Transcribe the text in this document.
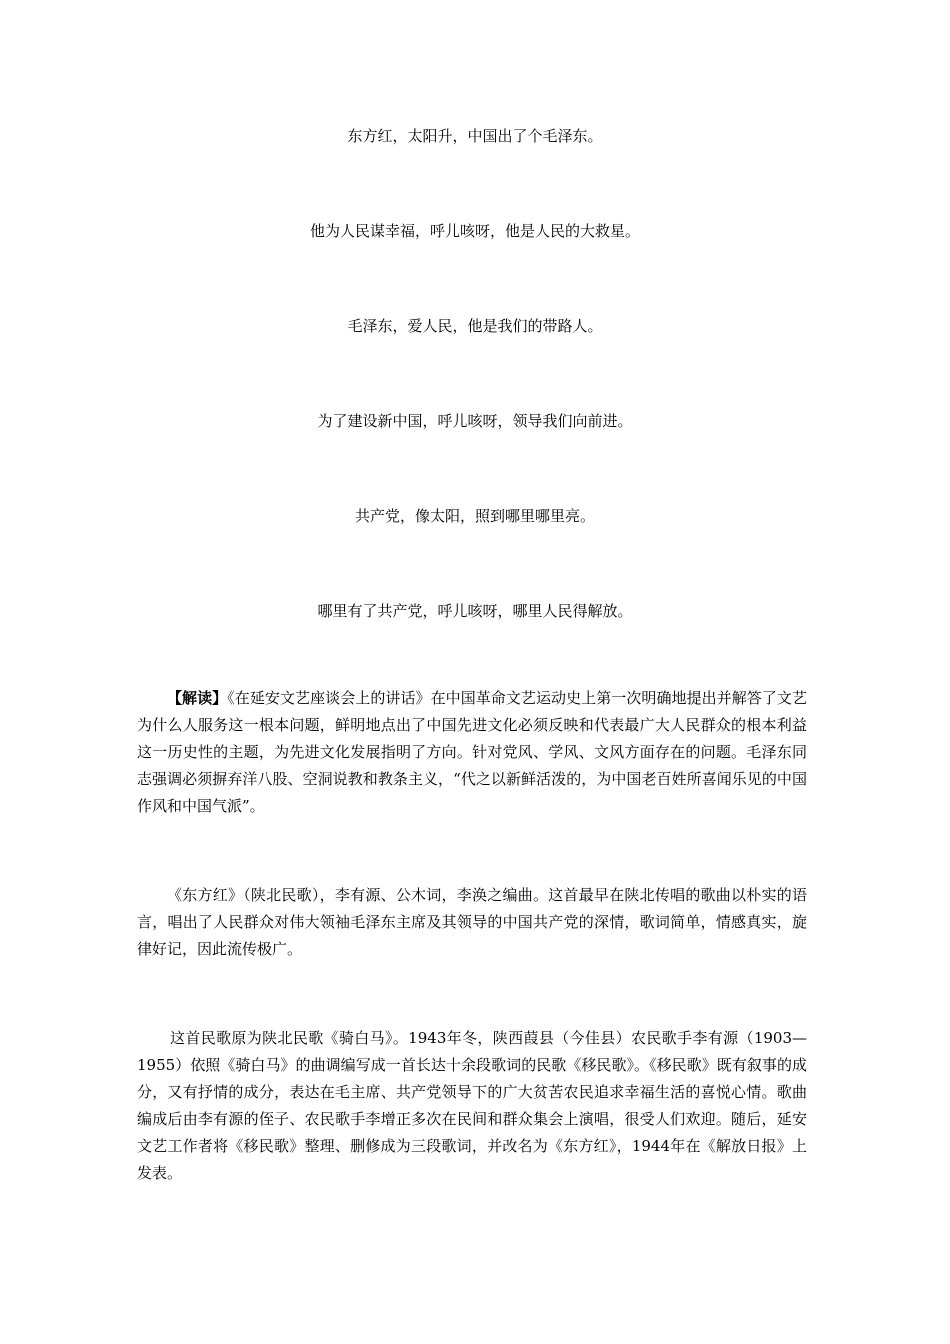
东方红，太阳升，中国出了个毛泽东。
他为人民谋幸福，呼儿咳呀，他是人民的大救星。
毛泽东，爱人民，他是我们的带路人。
为了建设新中国，呼儿咳呀，领导我们向前进。
共产党，像太阳，照到哪里哪里亮。
哪里有了共产党，呼儿咳呀，哪里人民得解放。
【解读】《在延安文艺座谈会上的讲话》在中国革命文艺运动史上第一次明确地提出并解答了文艺为什么人服务这一根本问题，鲜明地点出了中国先进文化必须反映和代表最广大人民群众的根本利益这一历史性的主题，为先进文化发展指明了方向。针对党风、学风、文风方面存在的问题。毛泽东同志强调必须摒弃洋八股、空洞说教和教条主义，“代之以新鲜活泼的，为中国老百姓所喜闻乐见的中国作风和中国气派”。
《东方红》（陕北民歌），李有源、公木词，李涣之编曲。这首最早在陕北传唱的歌曲以朴实的语言，唱出了人民群众对伟大领袖毛泽东主席及其领导的中国共产党的深情，歌词简单，情感真实，旋律好记，因此流传极广。
这首民歌原为陕北民歌《骑白马》。1943年冬，陕西葭县（今佳县）农民歌手李有源（1903—1955）依照《骑白马》的曲调编写成一首长达十余段歌词的民歌《移民歌》。《移民歌》既有叙事的成分，又有抒情的成分，表达在毛主席、共产党领导下的广大贫苦农民追求幸福生活的喜悦心情。歌曲编成后由李有源的侄子、农民歌手李增正多次在民间和群众集会上演唱，很受人们欢迎。随后，延安文艺工作者将《移民歌》整理、删修成为三段歌词，并改名为《东方红》，1944年在《解放日报》上发表。
